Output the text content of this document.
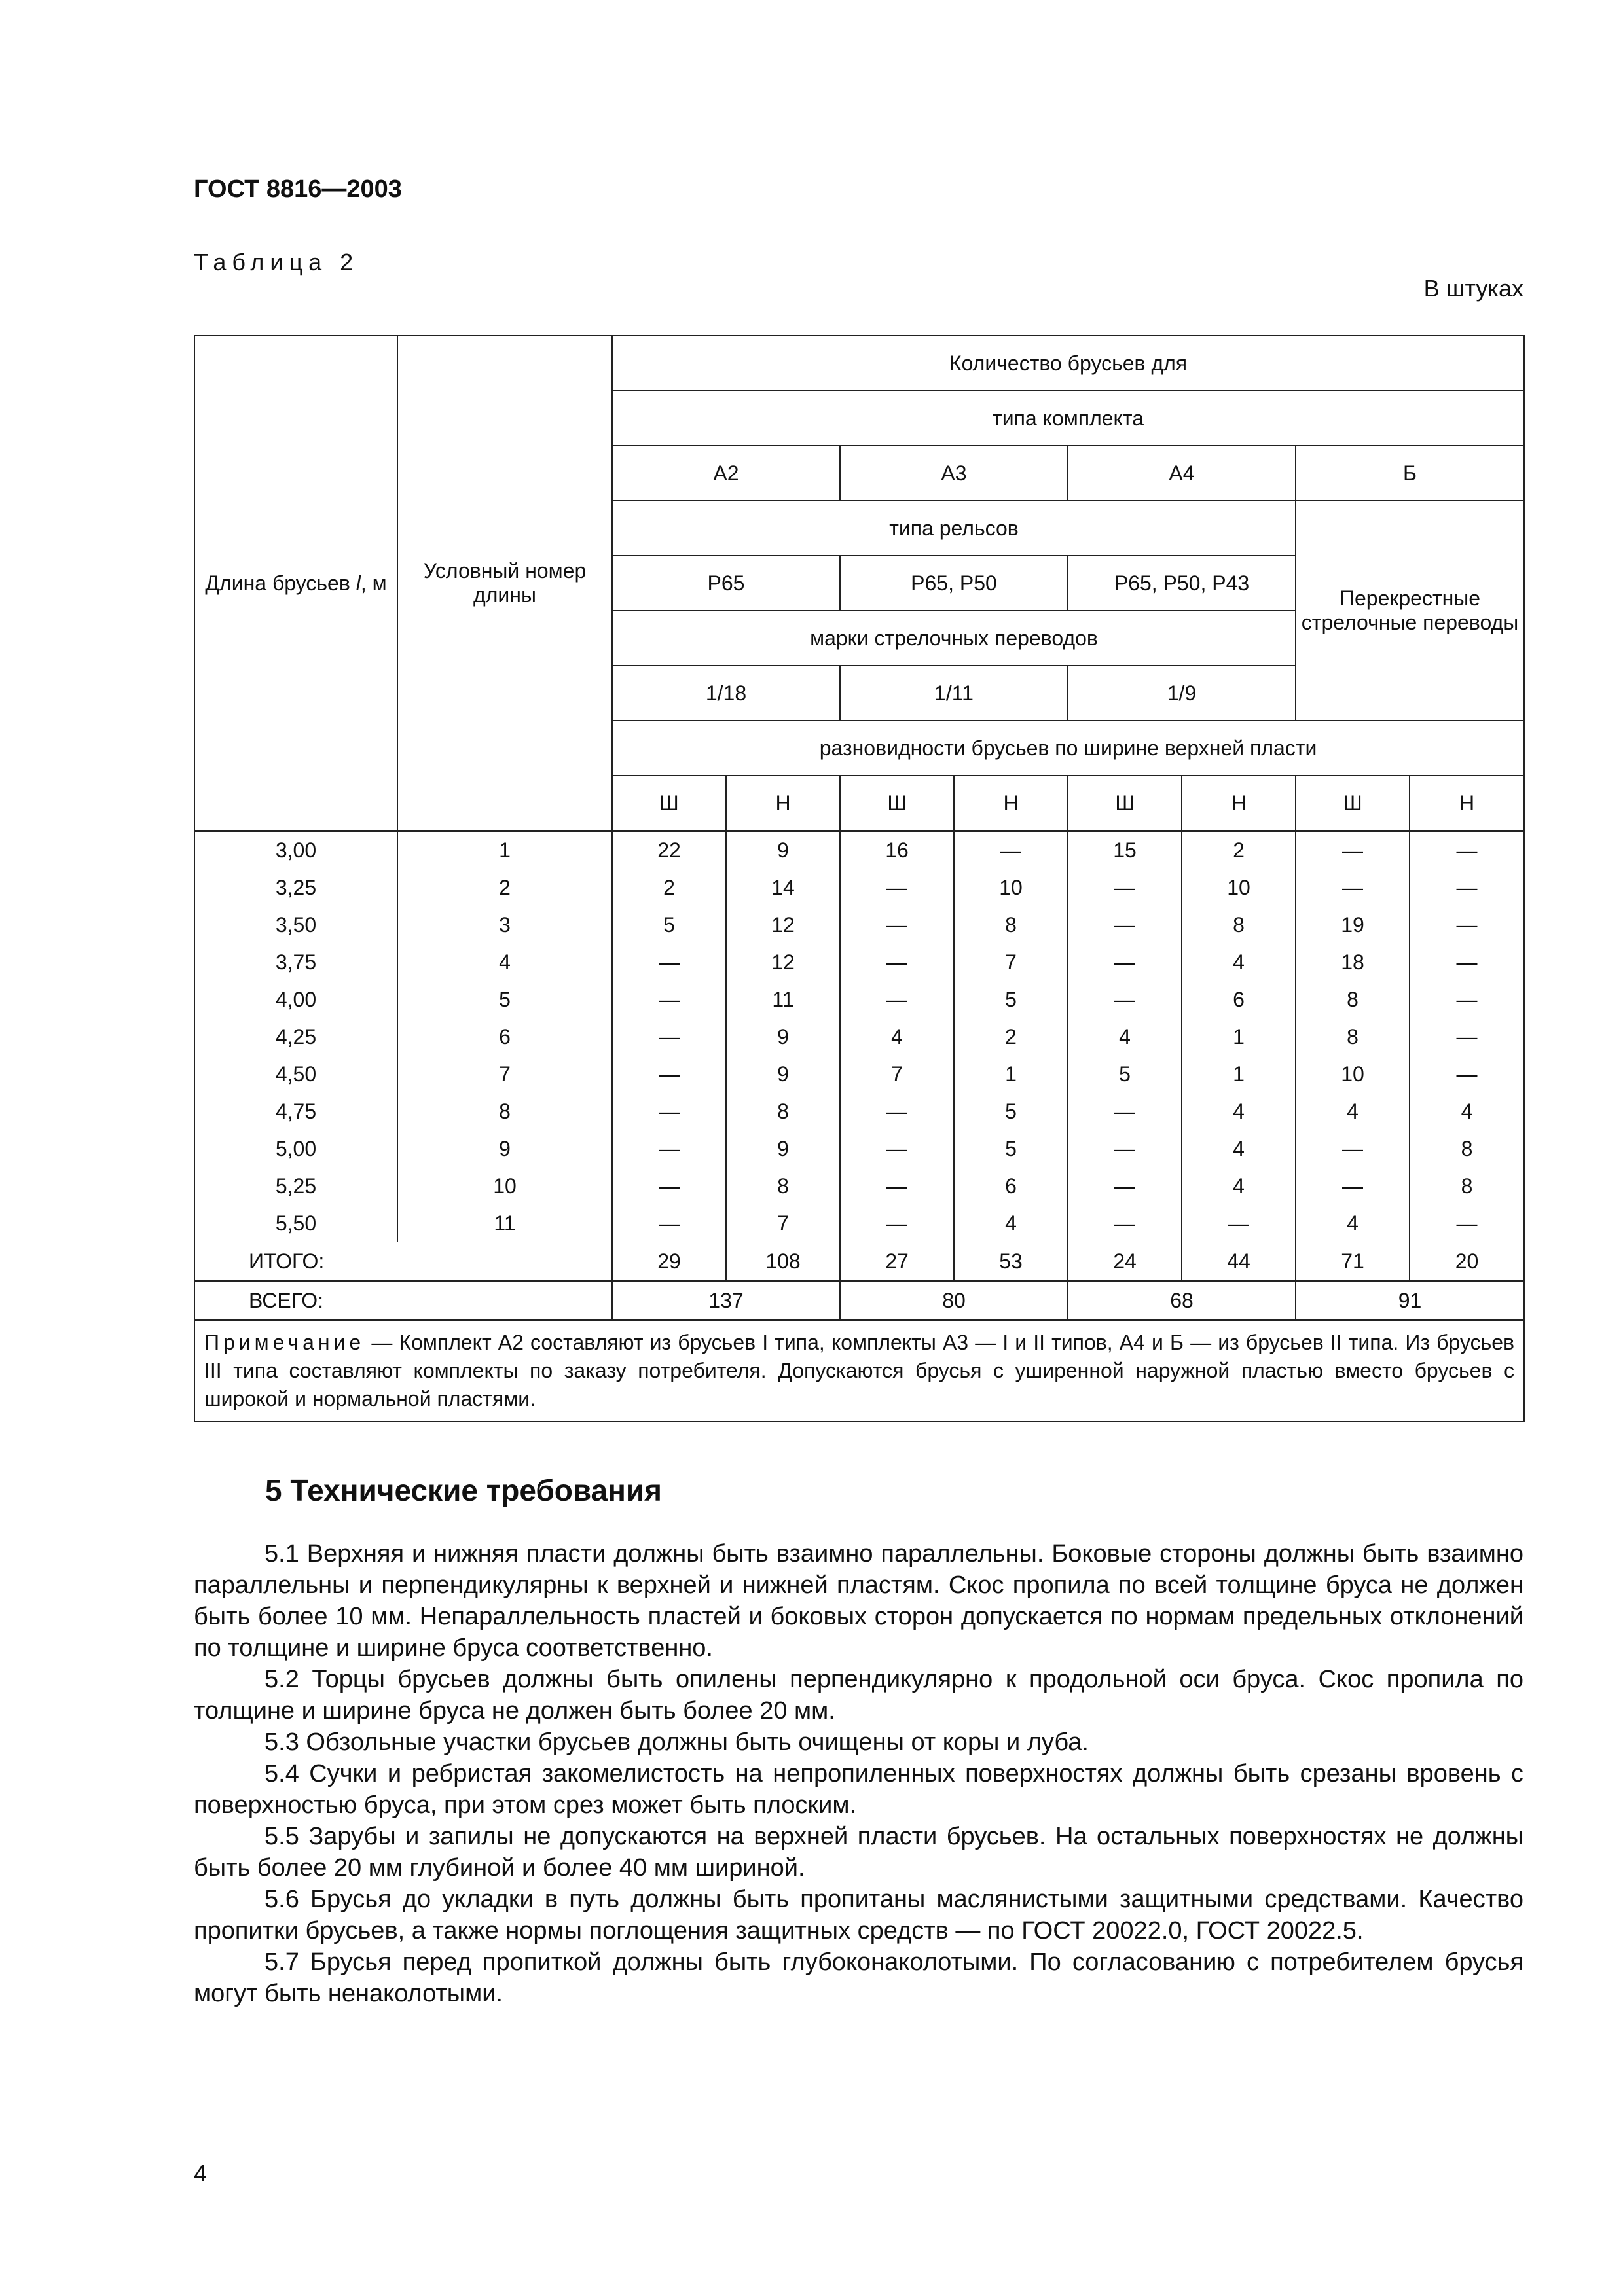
ГОСТ 8816—2003
Таблица 2
В штуках
Длина брусьев l, м	Условный номер длины	Количество брусьев для							
		типа комплекта							
		А2		А3		А4		Б	
		типа рельсов						Перекрестные стрелочные переводы	
		Р65		Р65, Р50		Р65, Р50, Р43			
		марки стрелочных переводов							
		1/18		1/11		1/9			
		разновидности брусьев по ширине верхней пласти							
		Ш	Н	Ш	Н	Ш	Н	Ш	Н
3,00	1	22	9	16	—	15	2	—	—
3,25	2	2	14	—	10	—	10	—	—
3,50	3	5	12	—	8	—	8	19	—
3,75	4	—	12	—	7	—	4	18	—
4,00	5	—	11	—	5	—	6	8	—
4,25	6	—	9	4	2	4	1	8	—
4,50	7	—	9	7	1	5	1	10	—
4,75	8	—	8	—	5	—	4	4	4
5,00	9	—	9	—	5	—	4	—	8
5,25	10	—	8	—	6	—	4	—	8
5,50	11	—	7	—	4	—	—	4	—
ИТОГО:		29	108	27	53	24	44	71	20
ВСЕГО:		137		80		68		91	
Примечание — Комплект А2 составляют из брусьев I типа, комплекты А3 — I и II типов, А4 и Б — из брусьев II типа. Из брусьев III типа составляют комплекты по заказу потребителя. Допускаются брусья с уширенной наружной пластью вместо брусьев с широкой и нормальной пластями.									
5 Технические требования

5.1 Верхняя и нижняя пласти должны быть взаимно параллельны. Боковые стороны должны быть взаимно параллельны и перпендикулярны к верхней и нижней пластям. Скос пропила по всей толщине бруса не должен быть более 10 мм. Непараллельность пластей и боковых сторон допускается по нормам предельных отклонений по толщине и ширине бруса соответственно.

5.2 Торцы брусьев должны быть опилены перпендикулярно к продольной оси бруса. Скос пропила по толщине и ширине бруса не должен быть более 20 мм.

5.3 Обзольные участки брусьев должны быть очищены от коры и луба.

5.4 Сучки и ребристая закомелистость на непропиленных поверхностях должны быть срезаны вровень с поверхностью бруса, при этом срез может быть плоским.

5.5 Зарубы и запилы не допускаются на верхней пласти брусьев. На остальных поверхностях не должны быть более 20 мм глубиной и более 40 мм шириной.

5.6 Брусья до укладки в путь должны быть пропитаны маслянистыми защитными средствами. Качество пропитки брусьев, а также нормы поглощения защитных средств — по ГОСТ 20022.0, ГОСТ 20022.5.

5.7 Брусья перед пропиткой должны быть глубоконаколотыми. По согласованию с потребителем брусья могут быть ненаколотыми.

4
